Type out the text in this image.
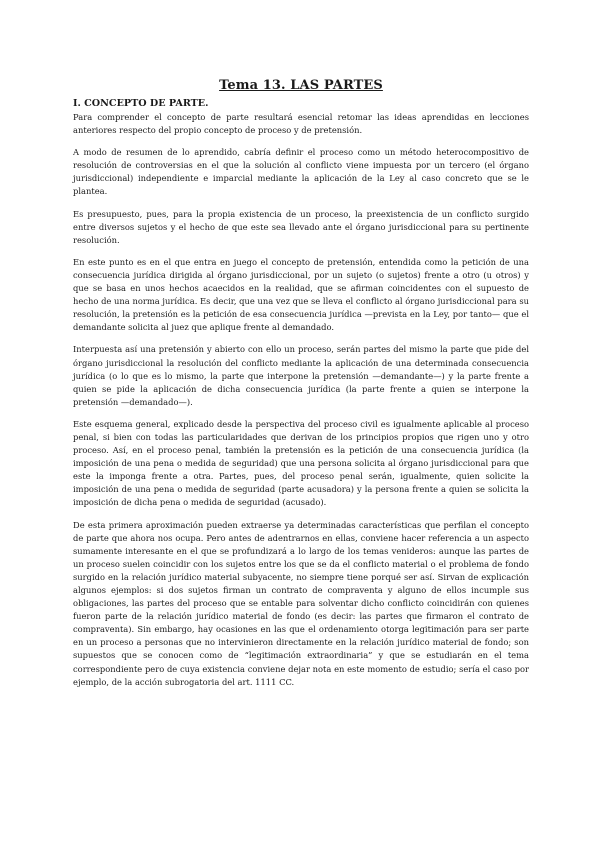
Tema 13. LAS PARTES
I. CONCEPTO DE PARTE.

Para comprender el concepto de parte resultará esencial retomar las ideas aprendidas en lecciones anteriores respecto del propio concepto de proceso y de pretensión.

A modo de resumen de lo aprendido, cabría definir el proceso como un método heterocompositivo de resolución de controversias en el que la solución al conflicto viene impuesta por un tercero (el órgano jurisdiccional) independiente e imparcial mediante la aplicación de la Ley al caso concreto que se le plantea.

Es presupuesto, pues, para la propia existencia de un proceso, la preexistencia de un conflicto surgido entre diversos sujetos y el hecho de que este sea llevado ante el órgano jurisdiccional para su pertinente resolución.

En este punto es en el que entra en juego el concepto de pretensión, entendida como la petición de una consecuencia jurídica dirigida al órgano jurisdiccional, por un sujeto (o sujetos) frente a otro (u otros) y que se basa en unos hechos acaecidos en la realidad, que se afirman coincidentes con el supuesto de hecho de una norma jurídica. Es decir, que una vez que se lleva el conflicto al órgano jurisdiccional para su resolución, la pretensión es la petición de esa consecuencia jurídica —prevista en la Ley, por tanto— que el demandante solicita al juez que aplique frente al demandado.

Interpuesta así una pretensión y abierto con ello un proceso, serán partes del mismo la parte que pide del órgano jurisdiccional la resolución del conflicto mediante la aplicación de una determinada consecuencia jurídica (o lo que es lo mismo, la parte que interpone la pretensión —demandante—) y la parte frente a quien se pide la aplicación de dicha consecuencia jurídica (la parte frente a quien se interpone la pretensión —demandado—).

Este esquema general, explicado desde la perspectiva del proceso civil es igualmente aplicable al proceso penal, si bien con todas las particularidades que derivan de los principios propios que rigen uno y otro proceso. Así, en el proceso penal, también la pretensión es la petición de una consecuencia jurídica (la imposición de una pena o medida de seguridad) que una persona solicita al órgano jurisdiccional para que este la imponga frente a otra. Partes, pues, del proceso penal serán, igualmente, quien solicite la imposición de una pena o medida de seguridad (parte acusadora) y la persona frente a quien se solicita la imposición de dicha pena o medida de seguridad (acusado).

De esta primera aproximación pueden extraerse ya determinadas características que perfilan el concepto de parte que ahora nos ocupa. Pero antes de adentrarnos en ellas, conviene hacer referencia a un aspecto sumamente interesante en el que se profundizará a lo largo de los temas venideros: aunque las partes de un proceso suelen coincidir con los sujetos entre los que se da el conflicto material o el problema de fondo surgido en la relación jurídico material subyacente, no siempre tiene porqué ser así. Sirvan de explicación algunos ejemplos: si dos sujetos firman un contrato de compraventa y alguno de ellos incumple sus obligaciones, las partes del proceso que se entable para solventar dicho conflicto coincidirán con quienes fueron parte de la relación jurídico material de fondo (es decir: las partes que firmaron el contrato de compraventa). Sin embargo, hay ocasiones en las que el ordenamiento otorga legitimación para ser parte en un proceso a personas que no intervinieron directamente en la relación jurídico material de fondo; son supuestos que se conocen como de “legitimación extraordinaria” y que se estudiarán en el tema correspondiente pero de cuya existencia conviene dejar nota en este momento de estudio; sería el caso por ejemplo, de la acción subrogatoria del art. 1111 CC.
